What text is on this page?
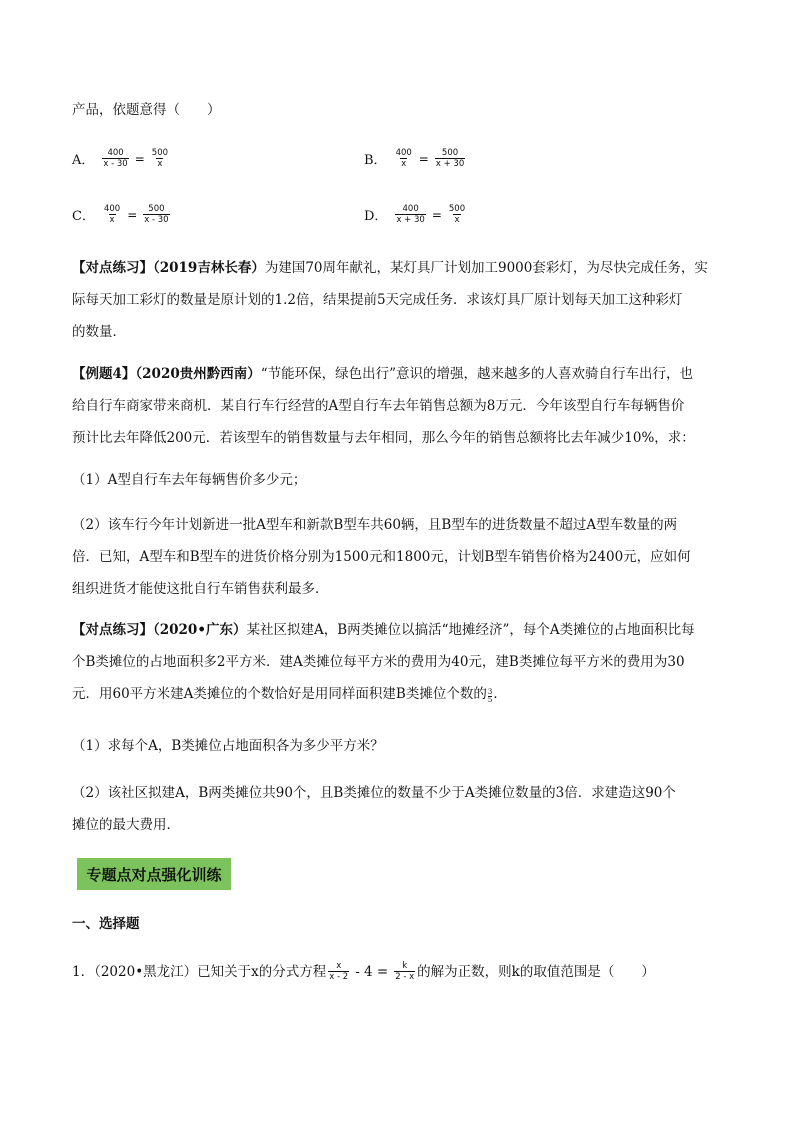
产品，依题意得（　　）
A． $\frac{400}{x - 30} = \frac{500}{x}$	B． $\frac{400}{x} = \frac{500}{x + 30}$
C． $\frac{400}{x} = \frac{500}{x - 30}$	D． $\frac{400}{x + 30} = \frac{500}{x}$
【对点练习】（2019吉林长春）为建国70周年献礼，某灯具厂计划加工9000套彩灯，为尽快完成任务，实
际每天加工彩灯的数量是原计划的1.2倍，结果提前5天完成任务．求该灯具厂原计划每天加工这种彩灯
的数量．
【例题4】（2020贵州黔西南）“节能环保，绿色出行”意识的增强，越来越多的人喜欢骑自行车出行，也
给自行车商家带来商机．某自行车行经营的A型自行车去年销售总额为8万元．今年该型自行车每辆售价
预计比去年降低200元．若该型车的销售数量与去年相同，那么今年的销售总额将比去年减少10%，求：
（1）A型自行车去年每辆售价多少元；
（2）该车行今年计划新进一批A型车和新款B型车共60辆，且B型车的进货数量不超过A型车数量的两
倍．已知，A型车和B型车的进货价格分别为1500元和1800元，计划B型车销售价格为2400元，应如何
组织进货才能使这批自行车销售获利最多．
【对点练习】（2020•广东）某社区拟建A，B两类摊位以搞活“地摊经济”，每个A类摊位的占地面积比每
个B类摊位的占地面积多2平方米．建A类摊位每平方米的费用为40元，建B类摊位每平方米的费用为30
元．用60平方米建A类摊位的个数恰好是用同样面积建B类摊位个数的 $\frac{3}{5}$ ．
（1）求每个A，B类摊位占地面积各为多少平方米？
（2）该社区拟建A，B两类摊位共90个，且B类摊位的数量不少于A类摊位数量的3倍．求建造这90个
摊位的最大费用．
专题点对点强化训练
一、选择题
1．（2020•黑龙江）已知关于x的分式方程 $\frac{x}{x - 2} - 4 = \frac{k}{2 - x}$ 的解为正数，则k的取值范围是（　　）
